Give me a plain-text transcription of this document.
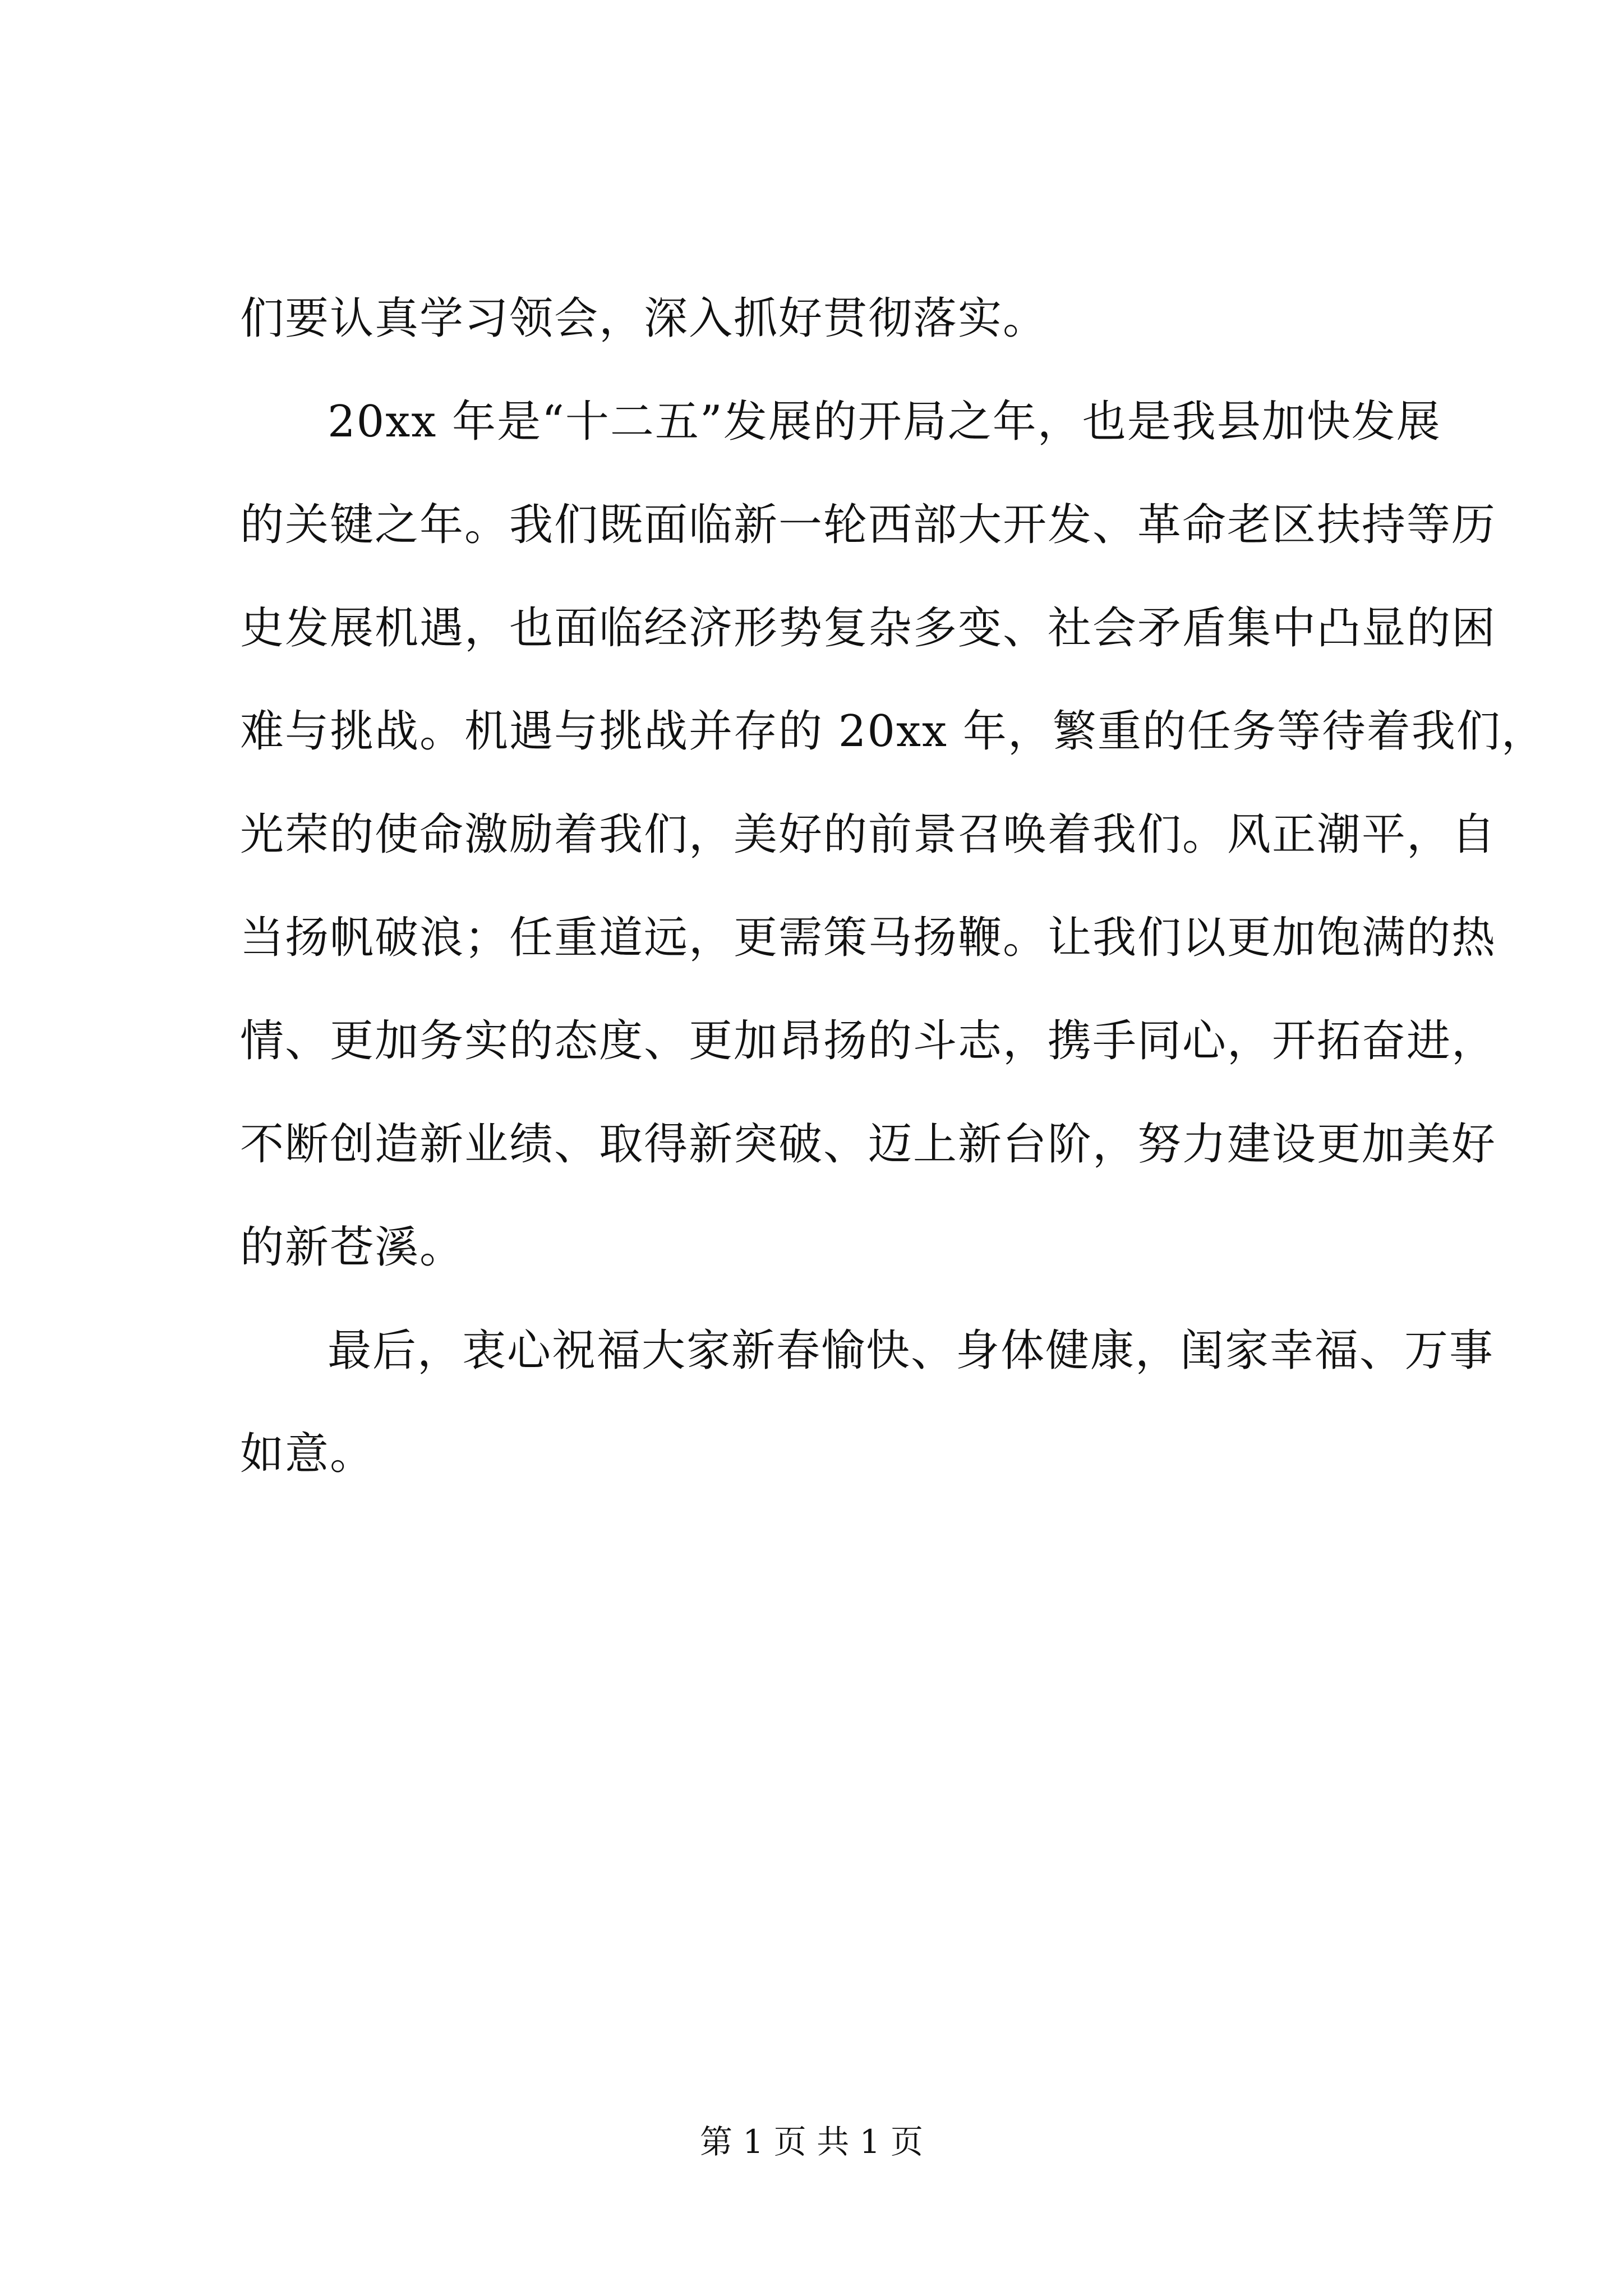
们要认真学习领会，深入抓好贯彻落实。
20xx 年是“十二五”发展的开局之年，也是我县加快发展
的关键之年。我们既面临新一轮西部大开发、革命老区扶持等历
史发展机遇，也面临经济形势复杂多变、社会矛盾集中凸显的困
难与挑战。机遇与挑战并存的 20xx 年，繁重的任务等待着我们，
光荣的使命激励着我们，美好的前景召唤着我们。风正潮平，自
当扬帆破浪；任重道远，更需策马扬鞭。让我们以更加饱满的热
情、更加务实的态度、更加昂扬的斗志，携手同心，开拓奋进，
不断创造新业绩、取得新突破、迈上新台阶，努力建设更加美好
的新苍溪。
最后，衷心祝福大家新春愉快、身体健康，闺家幸福、万事
如意。
第 1 页 共 1 页
